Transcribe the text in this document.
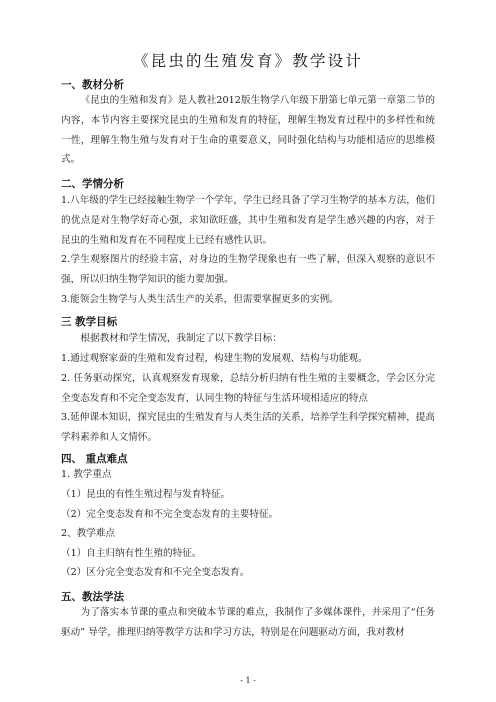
《昆虫的生殖发育》教学设计
一、教材分析
《昆虫的生殖和发育》是人教社2012版生物学八年级下册第七单元第一章第二节的内容，本节内容主要探究昆虫的生殖和发育的特征，理解生物发育过程中的多样性和统一性，理解生物生殖与发育对于生命的重要意义，同时强化结构与功能相适应的思维模式。
二、学情分析
1.八年级的学生已经接触生物学一个学年，学生已经具备了学习生物学的基本方法，他们的优点是对生物学好奇心强，求知欲旺盛，其中生殖和发育是学生感兴趣的内容，对于昆虫的生殖和发育在不同程度上已经有感性认识。
2.学生观察图片的经验丰富，对身边的生物学现象也有一些了解，但深入观察的意识不强，所以归纳生物学知识的能力要加强。
3.能领会生物学与人类生活生产的关系，但需要掌握更多的实例。
三 教学目标
根据教材和学生情况，我制定了以下教学目标：
1.通过观察家蚕的生殖和发育过程，构建生物的发展观、结构与功能观。
2. 任务驱动探究，认真观察发育现象，总结分析归纳有性生殖的主要概念，学会区分完全变态发育和不完全变态发育，认同生物的特征与生活环境相适应的特点
3.延伸课本知识，探究昆虫的生殖发育与人类生活的关系，培养学生科学探究精神，提高学科素养和人文情怀。
四、 重点难点
1. 教学重点
（1）昆虫的有性生殖过程与发育特征。
（2）完全变态发育和不完全变态发育的主要特征。
2、教学难点
（1）自主归纳有性生殖的特征。
（2）区分完全变态发育和不完全变态发育。
五、教法学法
为了落实本节课的重点和突破本节课的难点，我制作了多媒体课件，并采用了“任务驱动” 导学，推理归纳等教学方法和学习方法，特别是在问题驱动方面，我对教材
- 1 -
